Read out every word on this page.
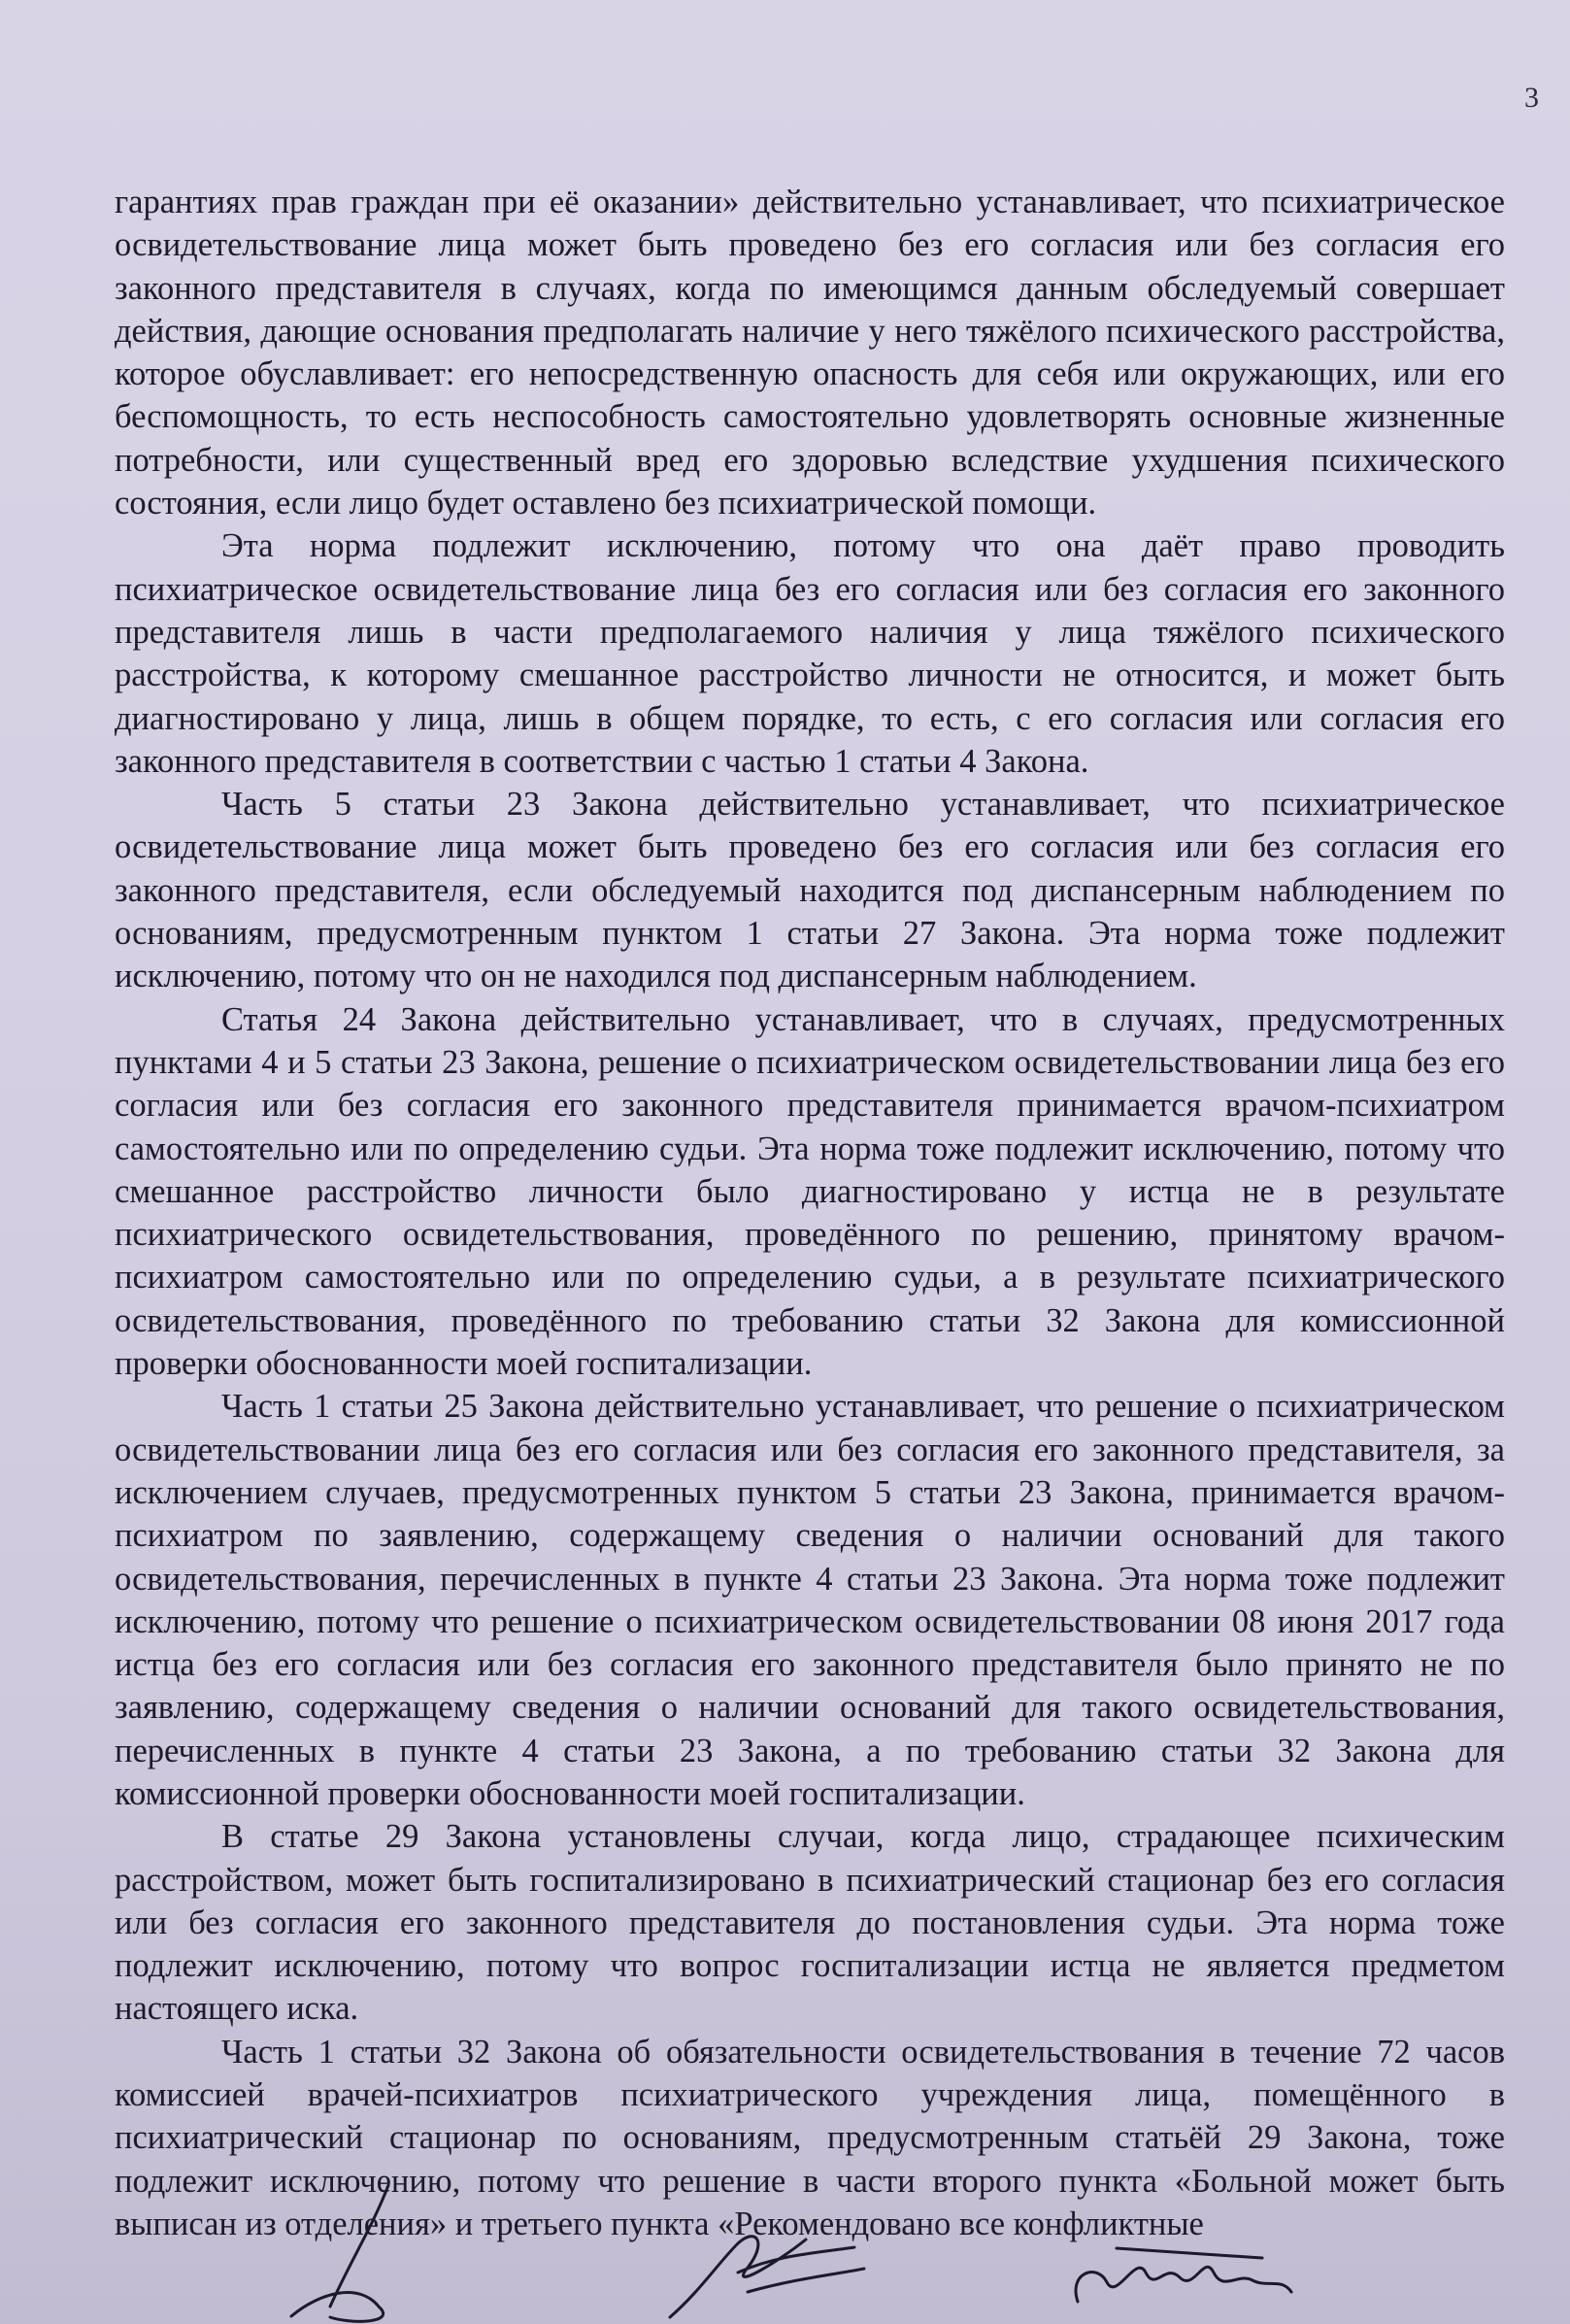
3

гарантиях прав граждан при её оказании» действительно устанавливает, что психиатрическое освидетельствование лица может быть проведено без его согласия или без согласия его законного представителя в случаях, когда по имеющимся данным обследуемый совершает действия, дающие основания предполагать наличие у него тяжёлого психического расстройства, которое обуславливает: его непосредственную опасность для себя или окружающих, или его беспомощность, то есть неспособность самостоятельно удовлетворять основные жизненные потребности, или существенный вред его здоровью вследствие ухудшения психического состояния, если лицо будет оставлено без психиатрической помощи.

Эта норма подлежит исключению, потому что она даёт право проводить психиатрическое освидетельствование лица без его согласия или без согласия его законного представителя лишь в части предполагаемого наличия у лица тяжёлого психического расстройства, к которому смешанное расстройство личности не относится, и может быть диагностировано у лица, лишь в общем порядке, то есть, с его согласия или согласия его законного представителя в соответствии с частью 1 статьи 4 Закона.

Часть 5 статьи 23 Закона действительно устанавливает, что психиатрическое освидетельствование лица может быть проведено без его согласия или без согласия его законного представителя, если обследуемый находится под диспансерным наблюдением по основаниям, предусмотренным пунктом 1 статьи 27 Закона. Эта норма тоже подлежит исключению, потому что он не находился под диспансерным наблюдением.

Статья 24 Закона действительно устанавливает, что в случаях, предусмотренных пунктами 4 и 5 статьи 23 Закона, решение о психиатрическом освидетельствовании лица без его согласия или без согласия его законного представителя принимается врачом-психиатром самостоятельно или по определению судьи. Эта норма тоже подлежит исключению, потому что смешанное расстройство личности было диагностировано у истца не в результате психиатрического освидетельствования, проведённого по решению, принятому врачом-психиатром самостоятельно или по определению судьи, а в результате психиатрического освидетельствования, проведённого по требованию статьи 32 Закона для комиссионной проверки обоснованности моей госпитализации.

Часть 1 статьи 25 Закона действительно устанавливает, что решение о психиатрическом освидетельствовании лица без его согласия или без согласия его законного представителя, за исключением случаев, предусмотренных пунктом 5 статьи 23 Закона, принимается врачом-психиатром по заявлению, содержащему сведения о наличии оснований для такого освидетельствования, перечисленных в пункте 4 статьи 23 Закона. Эта норма тоже подлежит исключению, потому что решение о психиатрическом освидетельствовании 08 июня 2017 года истца без его согласия или без согласия его законного представителя было принято не по заявлению, содержащему сведения о наличии оснований для такого освидетельствования, перечисленных в пункте 4 статьи 23 Закона, а по требованию статьи 32 Закона для комиссионной проверки обоснованности моей госпитализации.

В статье 29 Закона установлены случаи, когда лицо, страдающее психическим расстройством, может быть госпитализировано в психиатрический стационар без его согласия или без согласия его законного представителя до постановления судьи. Эта норма тоже подлежит исключению, потому что вопрос госпитализации истца не является предметом настоящего иска.

Часть 1 статьи 32 Закона об обязательности освидетельствования в течение 72 часов комиссией врачей-психиатров психиатрического учреждения лица, помещённого в психиатрический стационар по основаниям, предусмотренным статьёй 29 Закона, тоже подлежит исключению, потому что решение в части второго пункта «Больной может быть выписан из отделения» и третьего пункта «Рекомендовано все конфликтные
